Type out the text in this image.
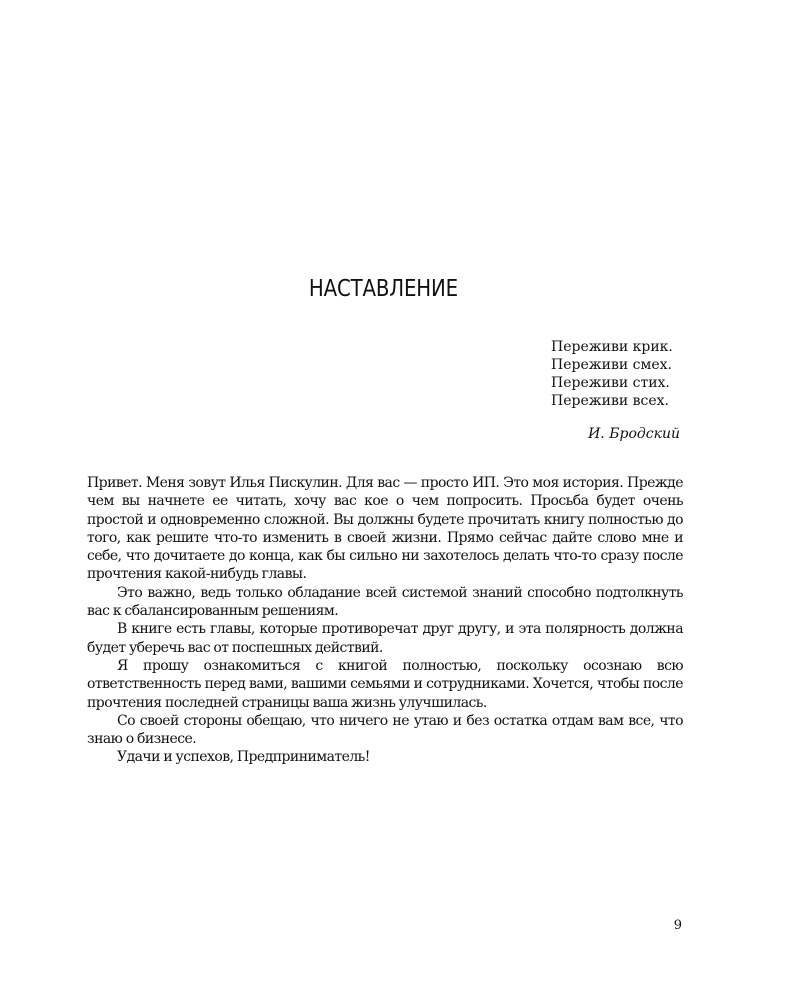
НАСТАВЛЕНИЕ
Переживи крик.
Переживи смех.
Переживи стих.
Переживи всех.
И. Бродский

Привет. Меня зовут Илья Пискулин. Для вас — просто ИП. Это моя история. Прежде чем вы начнете ее читать, хочу вас кое о чем попросить. Просьба будет очень простой и одновременно сложной. Вы должны будете прочитать книгу полностью до того, как решите что-то изменить в своей жизни. Прямо сейчас дайте слово мне и себе, что дочитаете до конца, как бы сильно ни захотелось делать что-то сразу после прочтения какой-нибудь главы.

Это важно, ведь только обладание всей системой знаний способно подтолкнуть вас к сбалансированным решениям.

В книге есть главы, которые противоречат друг другу, и эта полярность должна будет уберечь вас от поспешных действий.

Я прошу ознакомиться с книгой полностью, поскольку осознаю всю ответственность перед вами, вашими семьями и сотрудниками. Хочется, чтобы после прочтения последней страницы ваша жизнь улучшилась.

Со своей стороны обещаю, что ничего не утаю и без остатка отдам вам все, что знаю о бизнесе.

Удачи и успехов, Предприниматель!

9
